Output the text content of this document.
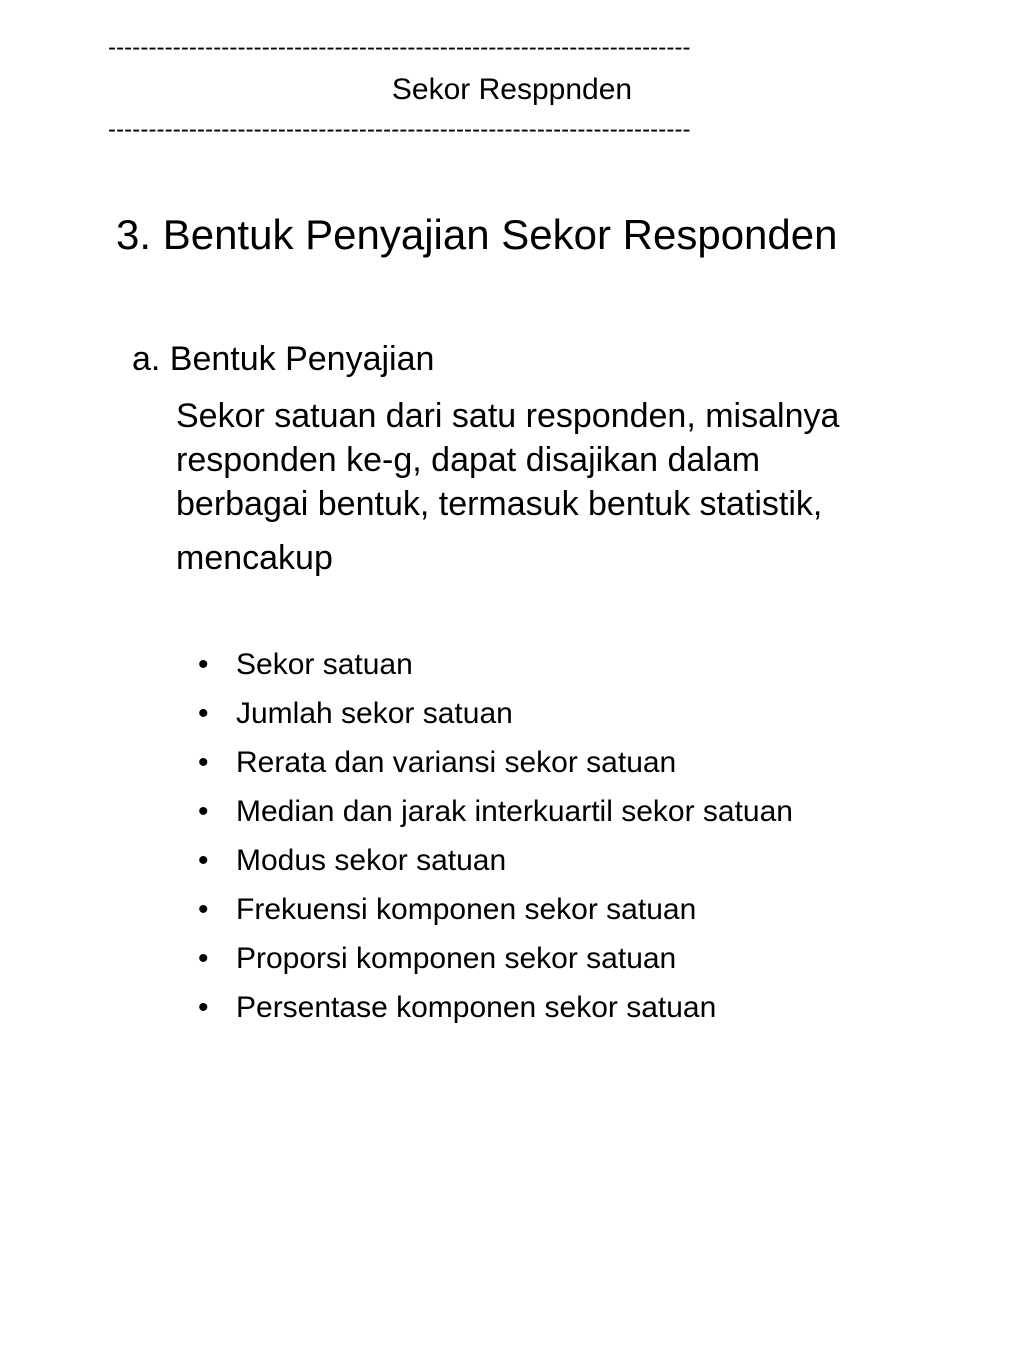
------------------------------------------------------------------------
Sekor Resppnden
------------------------------------------------------------------------
3. Bentuk Penyajian Sekor Responden
a. Bentuk Penyajian
Sekor satuan dari satu responden, misalnya
responden ke-g, dapat disajikan dalam
berbagai bentuk, termasuk bentuk statistik,
mencakup
• Sekor satuan
• Jumlah sekor satuan
• Rerata dan variansi sekor satuan
• Median dan jarak interkuartil sekor satuan
• Modus sekor satuan
• Frekuensi komponen sekor satuan
• Proporsi komponen sekor satuan
• Persentase komponen sekor satuan
